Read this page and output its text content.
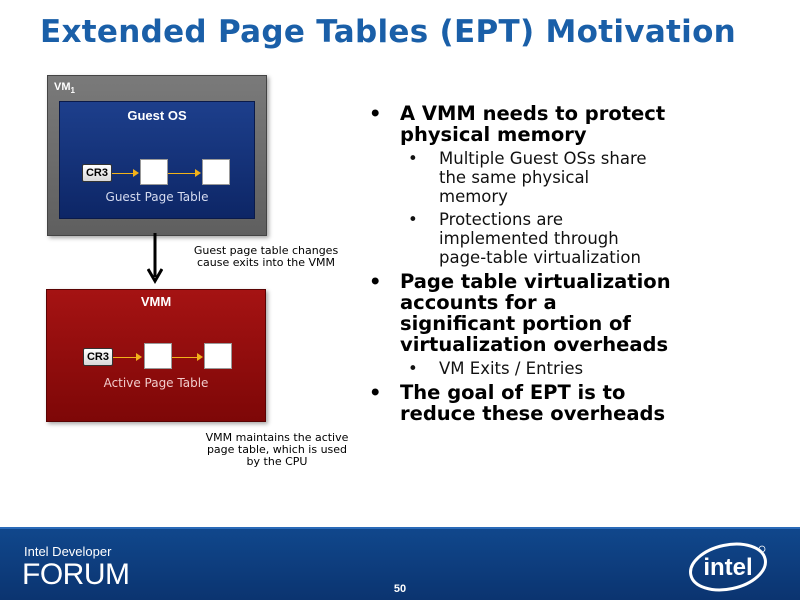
Extended Page Tables (EPT) Motivation
$VM_1$
Guest OS
CR3
Guest Page Table
Guest page table changes
cause exits into the VMM
VMM
CR3
Active Page Table
VMM maintains the active
page table, which is used
by the CPU
• A VMM needs to protect
physical memory
• Multiple Guest OSs share
the same physical
memory
• Protections are
implemented through
page-table virtualization
• Page table virtualization
accounts for a
significant portion of
virtualization overheads
• VM Exits / Entries
• The goal of EPT is to
reduce these overheads
Intel Developer
FORUM	50
intel
